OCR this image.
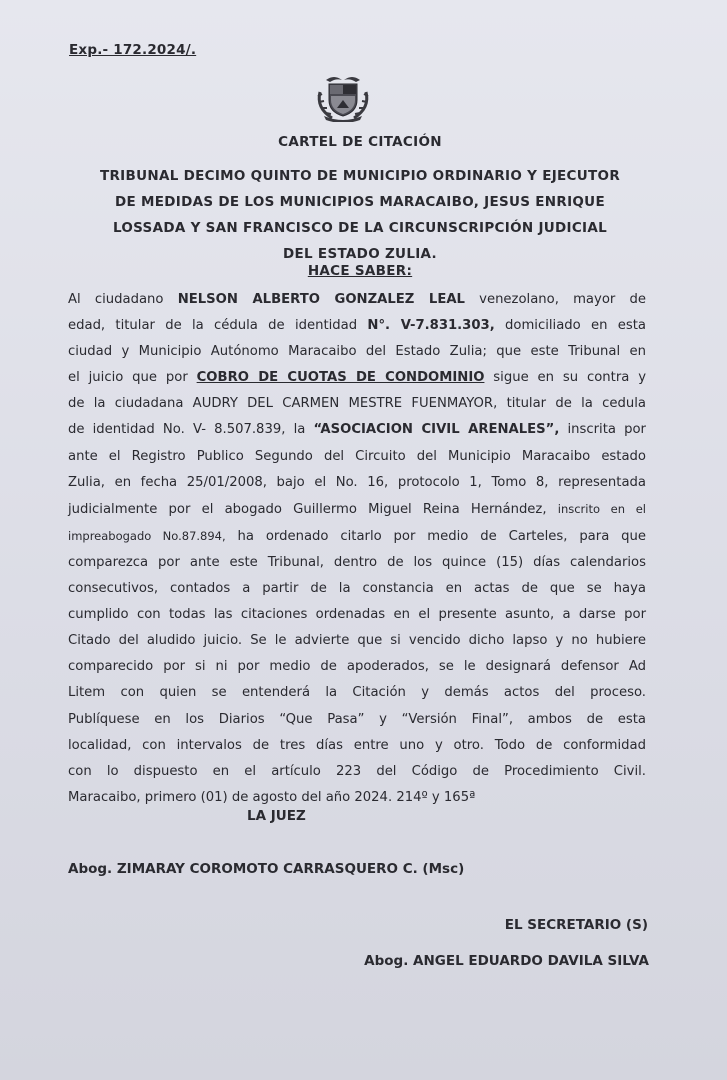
Exp.- 172.2024/.
CARTEL DE CITACIÓN
TRIBUNAL DECIMO QUINTO DE MUNICIPIO ORDINARIO Y EJECUTOR
DE MEDIDAS DE LOS MUNICIPIOS MARACAIBO, JESUS ENRIQUE
LOSSADA Y SAN FRANCISCO DE LA CIRCUNSCRIPCIÓN JUDICIAL
DEL ESTADO ZULIA.
HACE SABER:
Al ciudadano NELSON ALBERTO GONZALEZ LEAL venezolano, mayor de
edad, titular de la cédula de identidad N°. V-7.831.303, domiciliado en esta
ciudad y Municipio Autónomo Maracaibo del Estado Zulia; que este Tribunal en
el juicio que por COBRO DE CUOTAS DE CONDOMINIO sigue en su contra y
de la ciudadana AUDRY DEL CARMEN MESTRE FUENMAYOR, titular de la cedula
de identidad No. V- 8.507.839, la “ASOCIACION CIVIL ARENALES”, inscrita por
ante el Registro Publico Segundo del Circuito del Municipio Maracaibo estado
Zulia, en fecha 25/01/2008, bajo el No. 16, protocolo 1, Tomo 8, representada
judicialmente por el abogado Guillermo Miguel Reina Hernández, inscrito en el
impreabogado No.87.894, ha ordenado citarlo por medio de Carteles, para que
comparezca por ante este Tribunal, dentro de los quince (15) días calendarios
consecutivos, contados a partir de la constancia en actas de que se haya
cumplido con todas las citaciones ordenadas en el presente asunto, a darse por
Citado del aludido juicio. Se le advierte que si vencido dicho lapso y no hubiere
comparecido por si ni por medio de apoderados, se le designará defensor Ad
Litem con quien se entenderá la Citación y demás actos del proceso.
Publíquese en los Diarios “Que Pasa” y “Versión Final”, ambos de esta
localidad, con intervalos de tres días entre uno y otro. Todo de conformidad
con lo dispuesto en el artículo 223 del Código de Procedimiento Civil.
Maracaibo, primero (01) de agosto del año 2024. 214º y 165ª
LA JUEZ
Abog. ZIMARAY COROMOTO CARRASQUERO C. (Msc)
EL SECRETARIO (S)
Abog. ANGEL EDUARDO DAVILA SILVA
